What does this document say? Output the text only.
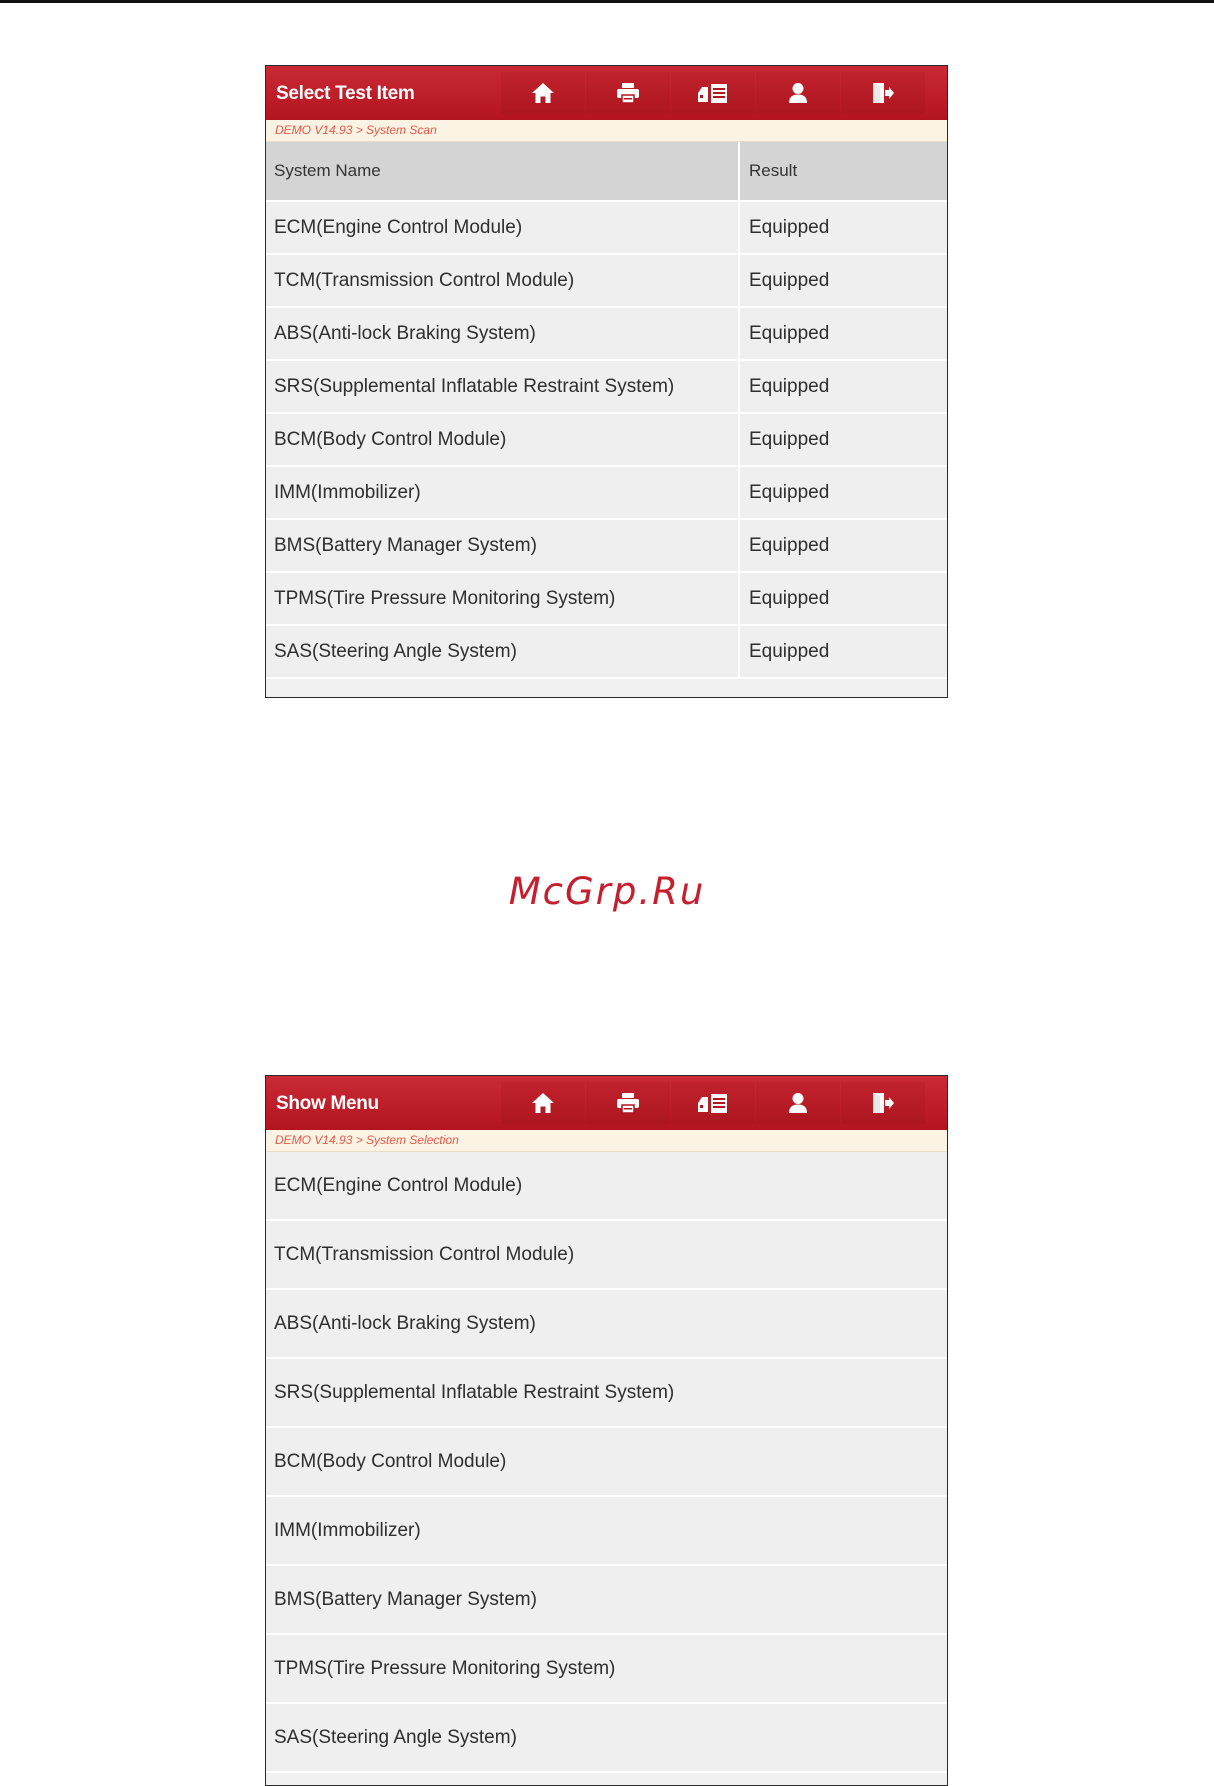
Select Test Item
DEMO V14.93 > System Scan
System Name	Result
ECM(Engine Control Module)	Equipped
TCM(Transmission Control Module)	Equipped
ABS(Anti-lock Braking System)	Equipped
SRS(Supplemental Inflatable Restraint System)	Equipped
BCM(Body Control Module)	Equipped
IMM(Immobilizer)	Equipped
BMS(Battery Manager System)	Equipped
TPMS(Tire Pressure Monitoring System)	Equipped
SAS(Steering Angle System)	Equipped
McGrp.Ru
Show Menu
DEMO V14.93 > System Selection
ECM(Engine Control Module)
TCM(Transmission Control Module)
ABS(Anti-lock Braking System)
SRS(Supplemental Inflatable Restraint System)
BCM(Body Control Module)
IMM(Immobilizer)
BMS(Battery Manager System)
TPMS(Tire Pressure Monitoring System)
SAS(Steering Angle System)
